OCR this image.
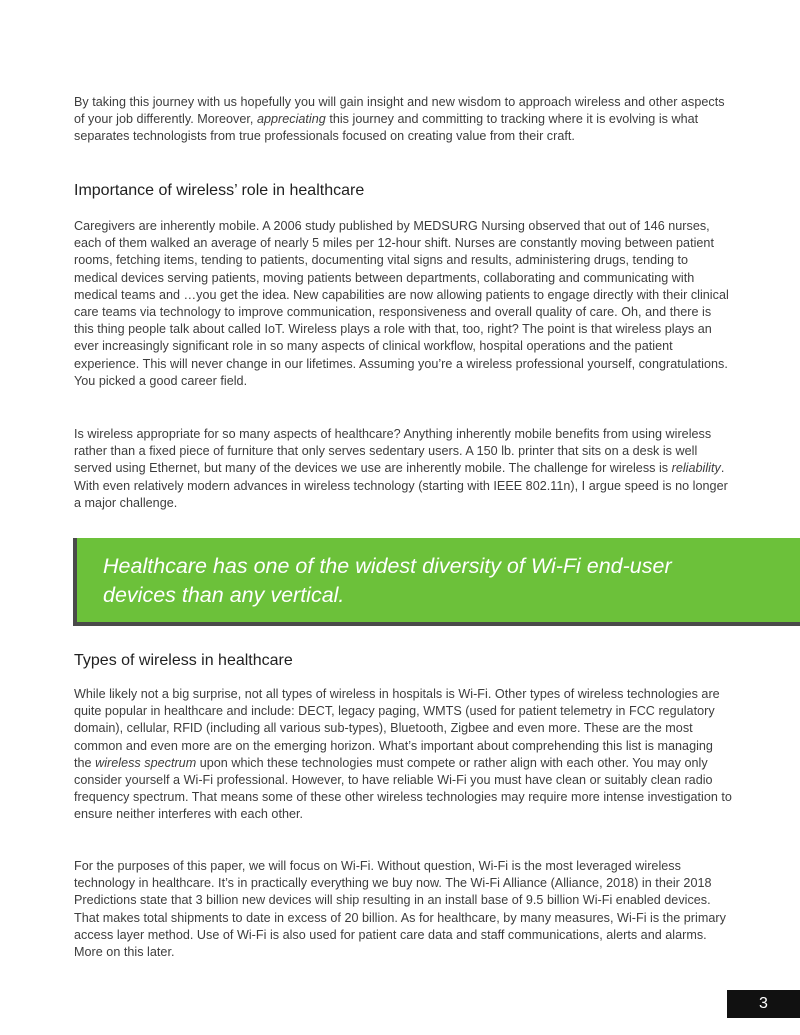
By taking this journey with us hopefully you will gain insight and new wisdom to approach wireless and other aspects of your job differently. Moreover, appreciating this journey and committing to tracking where it is evolving is what separates technologists from true professionals focused on creating value from their craft.

Importance of wireless’ role in healthcare

Caregivers are inherently mobile. A 2006 study published by MEDSURG Nursing observed that out of 146 nurses, each of them walked an average of nearly 5 miles per 12-hour shift. Nurses are constantly moving between patient rooms, fetching items, tending to patients, documenting vital signs and results, administering drugs, tending to medical devices serving patients, moving patients between departments, collaborating and communicating with medical teams and …you get the idea. New capabilities are now allowing patients to engage directly with their clinical care teams via technology to improve communication, responsiveness and overall quality of care. Oh, and there is this thing people talk about called IoT. Wireless plays a role with that, too, right? The point is that wireless plays an ever increasingly significant role in so many aspects of clinical workflow, hospital operations and the patient experience. This will never change in our lifetimes. Assuming you’re a wireless professional yourself, congratulations. You picked a good career field.

Is wireless appropriate for so many aspects of healthcare? Anything inherently mobile benefits from using wireless rather than a fixed piece of furniture that only serves sedentary users. A 150 lb. printer that sits on a desk is well served using Ethernet, but many of the devices we use are inherently mobile. The challenge for wireless is reliability. With even relatively modern advances in wireless technology (starting with IEEE 802.11n), I argue speed is no longer a major challenge.

Healthcare has one of the widest diversity of Wi-Fi end-user devices than any vertical.

Types of wireless in healthcare

While likely not a big surprise, not all types of wireless in hospitals is Wi-Fi. Other types of wireless technologies are quite popular in healthcare and include: DECT, legacy paging, WMTS (used for patient telemetry in FCC regulatory domain), cellular, RFID (including all various sub-types), Bluetooth, Zigbee and even more. These are the most common and even more are on the emerging horizon. What’s important about comprehending this list is managing the wireless spectrum upon which these technologies must compete or rather align with each other. You may only consider yourself a Wi-Fi professional. However, to have reliable Wi-Fi you must have clean or suitably clean radio frequency spectrum. That means some of these other wireless technologies may require more intense investigation to ensure neither interferes with each other.

For the purposes of this paper, we will focus on Wi-Fi. Without question, Wi-Fi is the most leveraged wireless technology in healthcare. It’s in practically everything we buy now. The Wi-Fi Alliance (Alliance, 2018) in their 2018 Predictions state that 3 billion new devices will ship resulting in an install base of 9.5 billion Wi-Fi enabled devices. That makes total shipments to date in excess of 20 billion. As for healthcare, by many measures, Wi-Fi is the primary access layer method. Use of Wi-Fi is also used for patient care data and staff communications, alerts and alarms. More on this later.

3
